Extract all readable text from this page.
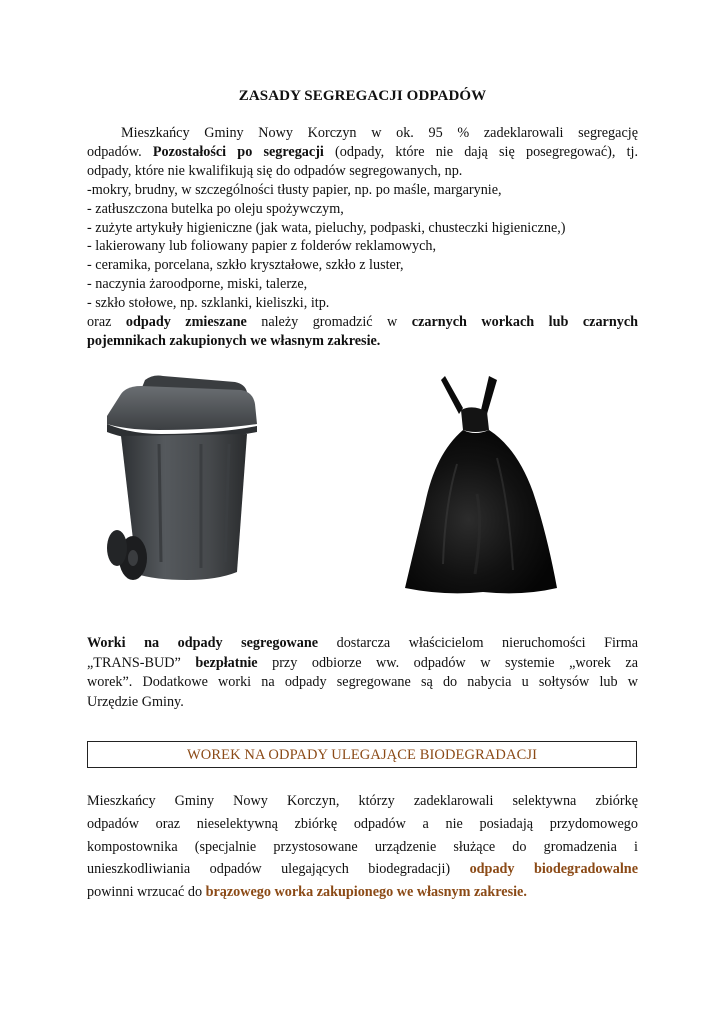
ZASADY SEGREGACJI ODPADÓW

Mieszkańcy Gminy Nowy Korczyn w ok. 95 % zadeklarowali segregację

odpadów. Pozostałości po segregacji (odpady, które nie dają się posegregować), tj.

odpady, które nie kwalifikują się do odpadów segregowanych, np.

-mokry, brudny, w szczególności tłusty papier, np. po maśle, margarynie,

- zatłuszczona butelka po oleju spożywczym,

- zużyte artykuły higieniczne (jak wata, pieluchy, podpaski, chusteczki higieniczne,)

- lakierowany lub foliowany papier z folderów reklamowych,

- ceramika, porcelana, szkło kryształowe, szkło z luster,

- naczynia żaroodporne, miski, talerze,

- szkło stołowe, np. szklanki, kieliszki, itp.

oraz odpady zmieszane należy gromadzić w czarnych workach lub czarnych

pojemnikach zakupionych we własnym zakresie.

Worki na odpady segregowane dostarcza właścicielom nieruchomości Firma

„TRANS-BUD” bezpłatnie przy odbiorze ww. odpadów w systemie „worek za

worek”. Dodatkowe worki na odpady segregowane są do nabycia u sołtysów lub w

Urzędzie Gminy.

WOREK NA ODPADY ULEGAJĄCE BIODEGRADACJI

Mieszkańcy Gminy Nowy Korczyn, którzy zadeklarowali selektywna zbiórkę

odpadów oraz nieselektywną zbiórkę odpadów a nie posiadają przydomowego

kompostownika (specjalnie przystosowane urządzenie służące do gromadzenia i

unieszkodliwiania odpadów ulegających biodegradacji) odpady biodegradowalne

powinni wrzucać do brązowego worka zakupionego we własnym zakresie.
